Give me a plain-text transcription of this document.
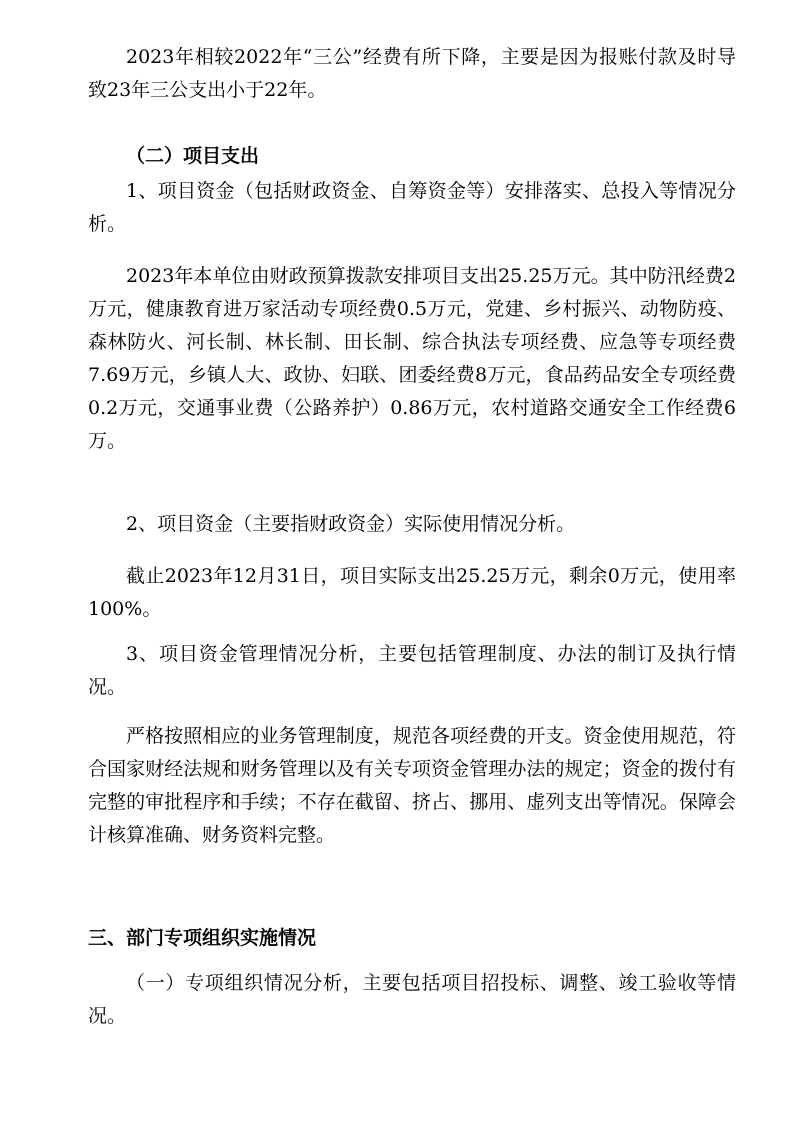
2023年相较2022年“三公”经费有所下降，主要是因为报账付款及时导致23年三公支出小于22年。

（二）项目支出

1、项目资金（包括财政资金、自筹资金等）安排落实、总投入等情况分析。

2023年本单位由财政预算拨款安排项目支出25.25万元。其中防汛经费2万元，健康教育进万家活动专项经费0.5万元，党建、乡村振兴、动物防疫、森林防火、河长制、林长制、田长制、综合执法专项经费、应急等专项经费7.69万元，乡镇人大、政协、妇联、团委经费8万元，食品药品安全专项经费0.2万元，交通事业费（公路养护）0.86万元，农村道路交通安全工作经费6万。

2、项目资金（主要指财政资金）实际使用情况分析。

截止2023年12月31日，项目实际支出25.25万元，剩余0万元，使用率100%。

3、项目资金管理情况分析，主要包括管理制度、办法的制订及执行情况。

严格按照相应的业务管理制度，规范各项经费的开支。资金使用规范，符合国家财经法规和财务管理以及有关专项资金管理办法的规定；资金的拨付有完整的审批程序和手续；不存在截留、挤占、挪用、虚列支出等情况。保障会计核算准确、财务资料完整。

三、部门专项组织实施情况

（一）专项组织情况分析，主要包括项目招投标、调整、竣工验收等情况。
